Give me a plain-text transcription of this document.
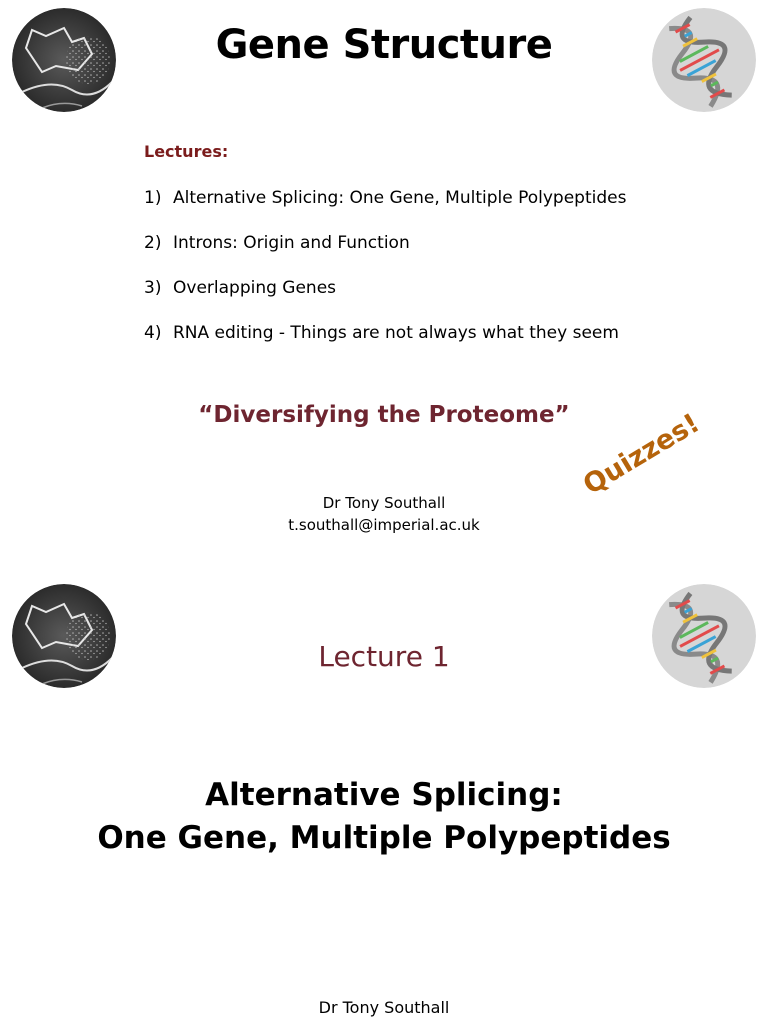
Gene Structure
Lectures:
1) Alternative Splicing: One Gene, Multiple Polypeptides
2) Introns: Origin and Function
3) Overlapping Genes
4) RNA editing - Things are not always what they seem
“Diversifying the Proteome”
Dr Tony Southall
t.southall@imperial.ac.uk
Quizzes!
Lecture 1
Alternative Splicing:
One Gene, Multiple Polypeptides
Dr Tony Southall
